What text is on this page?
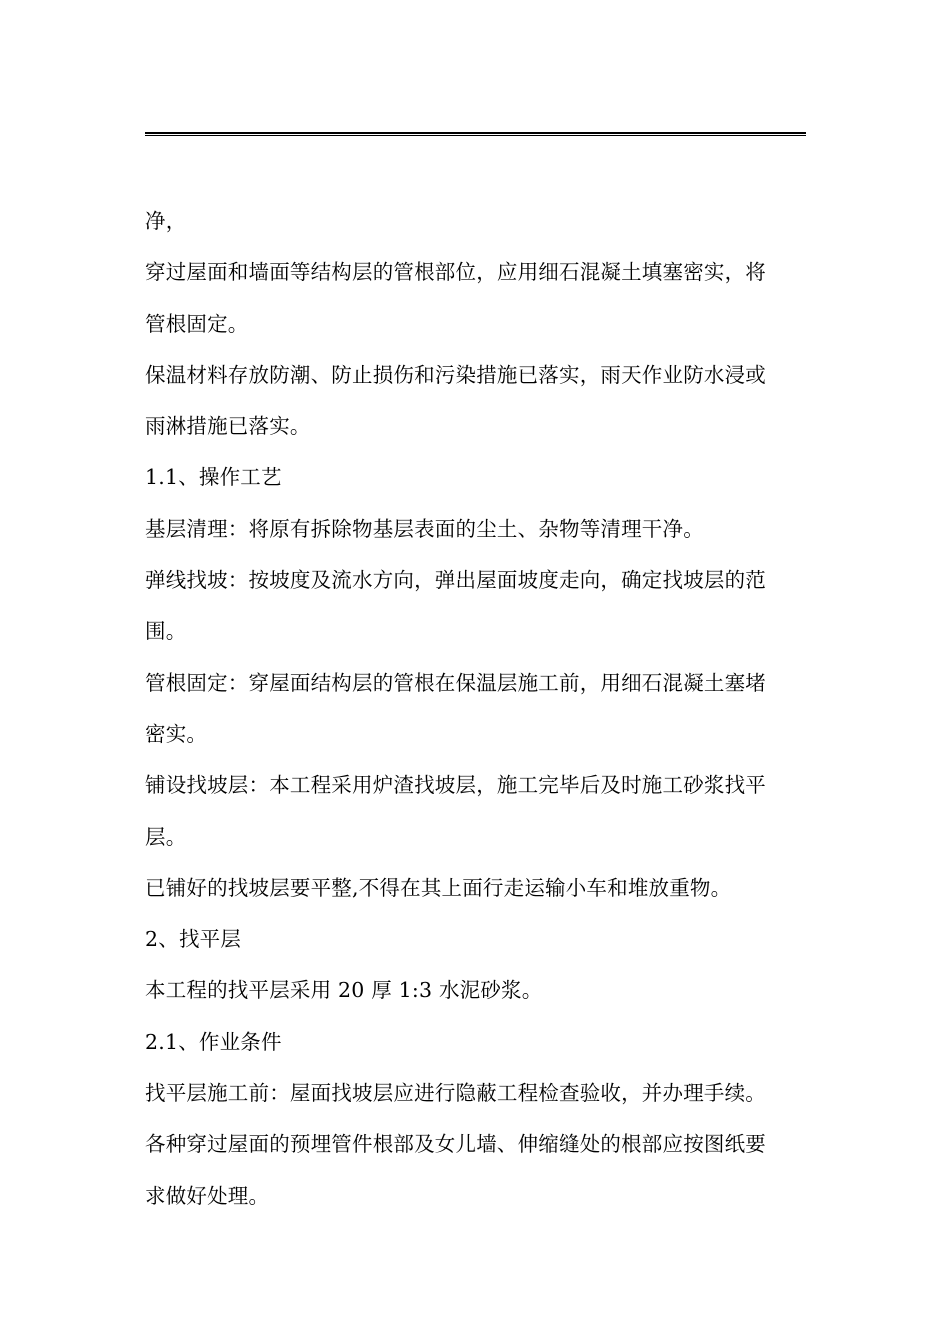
净，
穿过屋面和墙面等结构层的管根部位，应用细石混凝土填塞密实，将
管根固定。
保温材料存放防潮、防止损伤和污染措施已落实，雨天作业防水浸或
雨淋措施已落实。
1.1、操作工艺
基层清理：将原有拆除物基层表面的尘土、杂物等清理干净。
弹线找坡：按坡度及流水方向，弹出屋面坡度走向，确定找坡层的范
围。
管根固定：穿屋面结构层的管根在保温层施工前，用细石混凝土塞堵
密实。
铺设找坡层：本工程采用炉渣找坡层，施工完毕后及时施工砂浆找平
层。
已铺好的找坡层要平整,不得在其上面行走运输小车和堆放重物。
2、找平层
本工程的找平层采用 20 厚 1:3 水泥砂浆。
2.1、作业条件
找平层施工前：屋面找坡层应进行隐蔽工程检查验收，并办理手续。
各种穿过屋面的预埋管件根部及女儿墙、伸缩缝处的根部应按图纸要
求做好处理。
